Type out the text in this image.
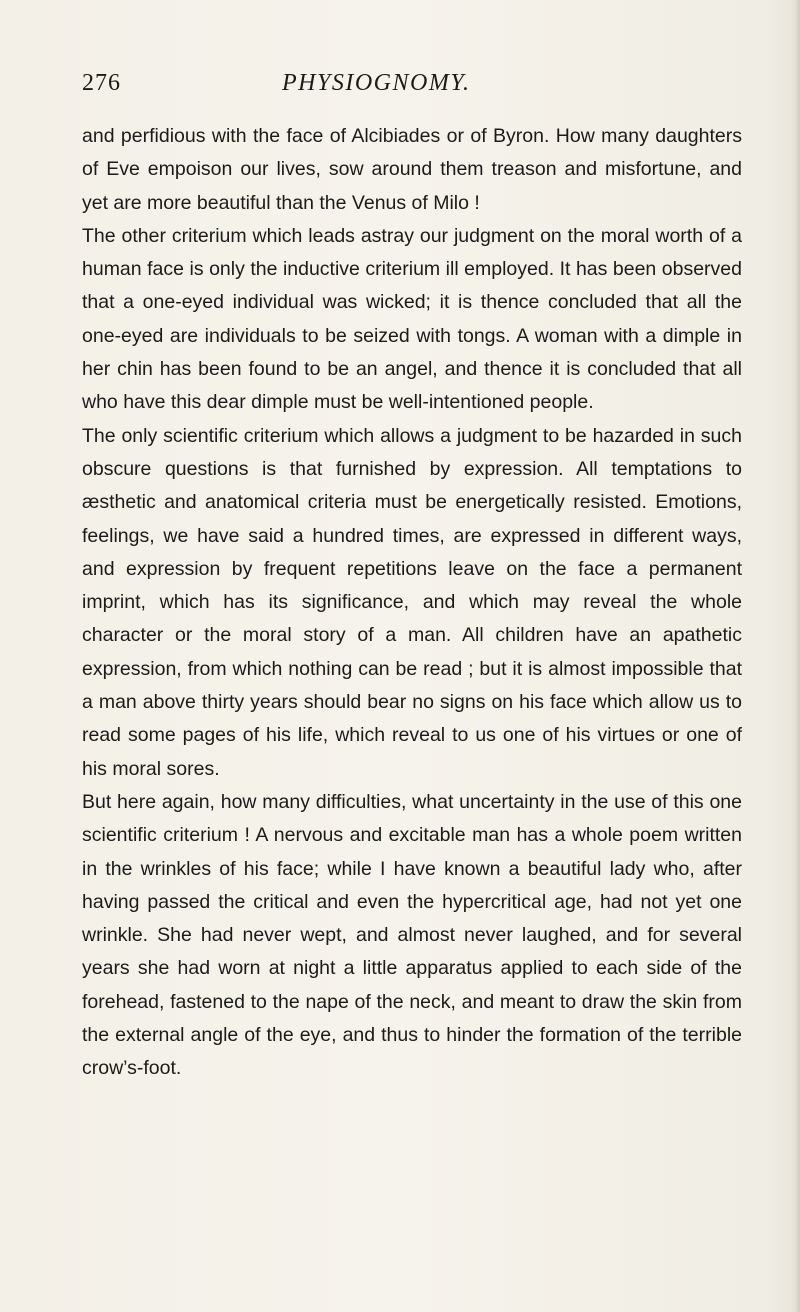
276	PHYSIOGNOMY.

and perfidious with the face of Alcibiades or of Byron. How many daughters of Eve empoison our lives, sow around them treason and misfortune, and yet are more beautiful than the Venus of Milo !

The other criterium which leads astray our judgment on the moral worth of a human face is only the inductive criterium ill employed. It has been observed that a one-eyed individual was wicked; it is thence concluded that all the one-eyed are individuals to be seized with tongs. A woman with a dimple in her chin has been found to be an angel, and thence it is concluded that all who have this dear dimple must be well-intentioned people.

The only scientific criterium which allows a judgment to be hazarded in such obscure questions is that furnished by expression. All temptations to æsthetic and anatomical criteria must be energetically resisted. Emotions, feelings, we have said a hundred times, are expressed in different ways, and expression by frequent repetitions leave on the face a permanent imprint, which has its significance, and which may reveal the whole character or the moral story of a man. All children have an apathetic expression, from which nothing can be read ; but it is almost impossible that a man above thirty years should bear no signs on his face which allow us to read some pages of his life, which reveal to us one of his virtues or one of his moral sores.

But here again, how many difficulties, what uncertainty in the use of this one scientific criterium ! A nervous and excitable man has a whole poem written in the wrinkles of his face; while I have known a beautiful lady who, after having passed the critical and even the hypercritical age, had not yet one wrinkle. She had never wept, and almost never laughed, and for several years she had worn at night a little apparatus applied to each side of the forehead, fastened to the nape of the neck, and meant to draw the skin from the external angle of the eye, and thus to hinder the formation of the terrible crow’s-foot.
